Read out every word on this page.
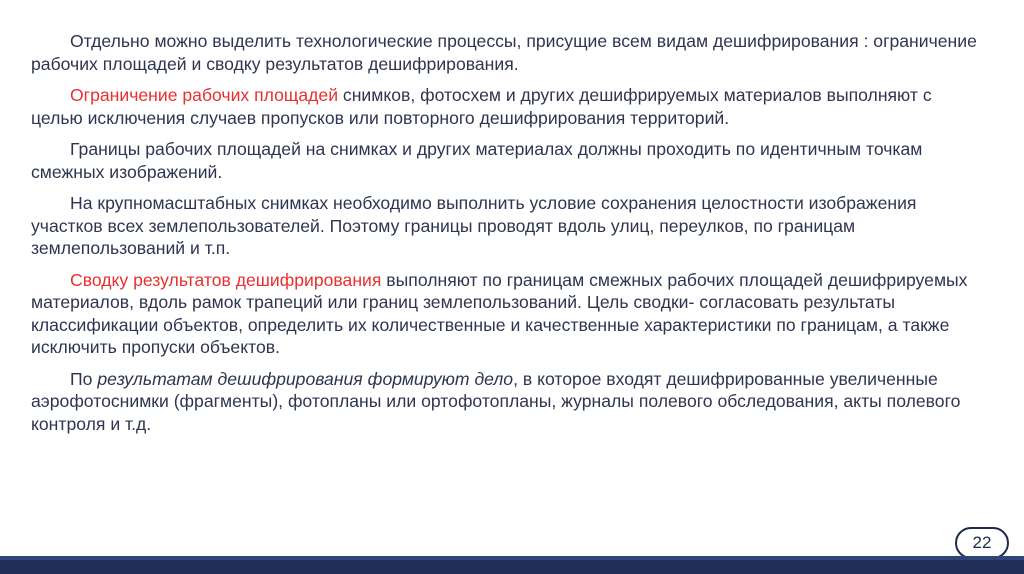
Отдельно можно выделить технологические процессы, присущие всем видам дешифрирования : ограничение рабочих площадей и сводку результатов дешифрирования.

Ограничение рабочих площадей снимков, фотосхем и других дешифрируемых материалов выполняют с целью исключения случаев пропусков или повторного дешифрирования территорий.

Границы рабочих площадей на снимках и других материалах должны проходить по идентичным точкам смежных изображений.

На крупномасштабных снимках необходимо выполнить условие сохранения целостности изображения участков всех землепользователей. Поэтому границы проводят вдоль улиц, переулков, по границам землепользований и т.п.

Сводку результатов дешифрирования выполняют по границам смежных рабочих площадей дешифрируемых материалов, вдоль рамок трапеций или границ землепользований. Цель сводки- согласовать результаты классификации объектов, определить их количественные и качественные характеристики по границам, а также исключить пропуски объектов.

По результатам дешифрирования формируют дело, в которое входят дешифрированные увеличенные аэрофотоснимки (фрагменты), фотопланы или ортофотопланы, журналы полевого обследования, акты полевого контроля и т.д.

22
